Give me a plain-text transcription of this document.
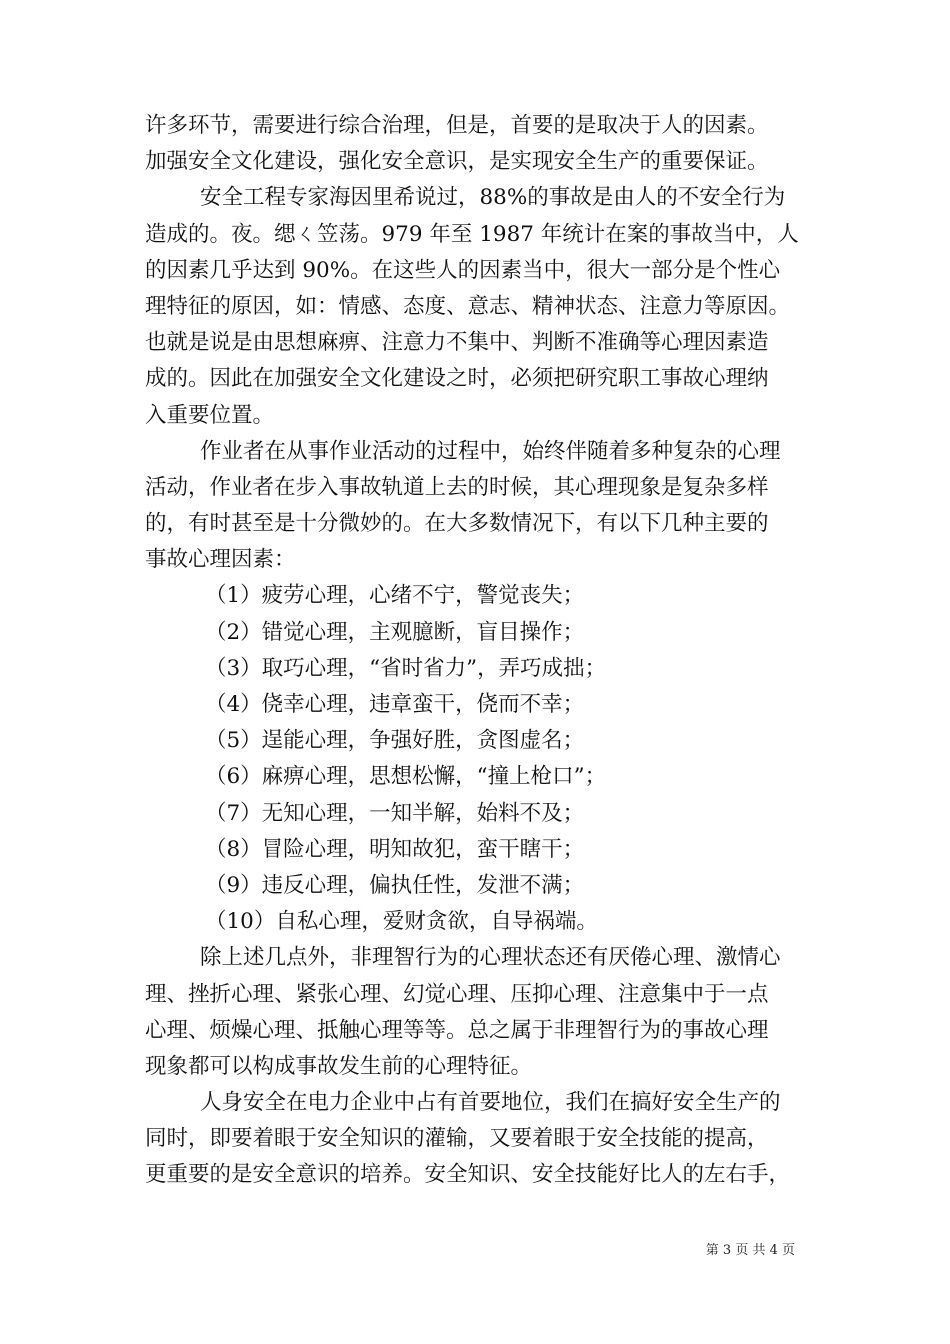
许多环节，需要进行综合治理，但是，首要的是取决于人的因素。
加强安全文化建设，强化安全意识，是实现安全生产的重要保证。
安全工程专家海因里希说过，88%的事故是由人的不安全行为
造成的。夜。缌ㄑ笠荡。979 年至 1987 年统计在案的事故当中，人
的因素几乎达到 90%。在这些人的因素当中，很大一部分是个性心
理特征的原因，如：情感、态度、意志、精神状态、注意力等原因。
也就是说是由思想麻痹、注意力不集中、判断不准确等心理因素造
成的。因此在加强安全文化建设之时，必须把研究职工事故心理纳
入重要位置。
作业者在从事作业活动的过程中，始终伴随着多种复杂的心理
活动，作业者在步入事故轨道上去的时候，其心理现象是复杂多样
的，有时甚至是十分微妙的。在大多数情况下，有以下几种主要的
事故心理因素：
（1）疲劳心理，心绪不宁，警觉丧失；
（2）错觉心理，主观臆断，盲目操作；
（3）取巧心理，“省时省力”，弄巧成拙；
（4）侥幸心理，违章蛮干，侥而不幸；
（5）逞能心理，争强好胜，贪图虚名；
（6）麻痹心理，思想松懈，“撞上枪口”；
（7）无知心理，一知半解，始料不及；
（8）冒险心理，明知故犯，蛮干瞎干；
（9）违反心理，偏执任性，发泄不满；
（10）自私心理，爱财贪欲，自导祸端。
除上述几点外，非理智行为的心理状态还有厌倦心理、激情心
理、挫折心理、紧张心理、幻觉心理、压抑心理、注意集中于一点
心理、烦燥心理、抵触心理等等。总之属于非理智行为的事故心理
现象都可以构成事故发生前的心理特征。
人身安全在电力企业中占有首要地位，我们在搞好安全生产的
同时，即要着眼于安全知识的灌输，又要着眼于安全技能的提高，
更重要的是安全意识的培养。安全知识、安全技能好比人的左右手，
第 3 页 共 4 页
